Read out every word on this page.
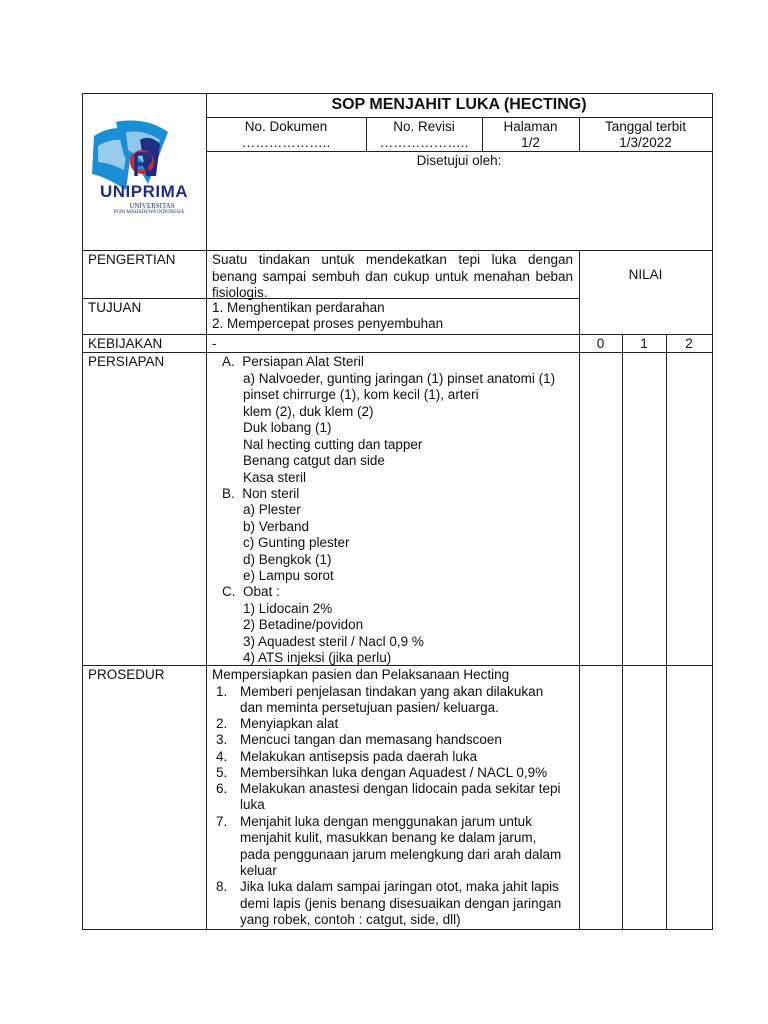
UNIPRIMA
UNIVERSITAS
PGRI MAHADEWA INDONESIA
SOP MENJAHIT LUKA (HECTING)
No. Dokumen
………………..
No. Revisi
………………..
Halaman
1/2
Tanggal terbit
1/3/2022
Disetujui oleh:
PENGERTIAN	Suatu tindakan untuk mendekatkan tepi luka dengan benang sampai sembuh dan cukup untuk menahan beban fisiologis.
NILAI
TUJUAN	1. Menghentikan perdarahan
2. Mempercepat proses penyembuhan
KEBIJAKAN	-	0	1	2
PERSIAPAN	A.  Persiapan Alat Steril
a) Nalvoeder, gunting jaringan (1) pinset anatomi (1)
pinset chirrurge (1), kom kecil (1), arteri
klem (2), duk klem (2)
Duk lobang (1)
Nal hecting cutting dan tapper
Benang catgut dan side
Kasa steril
B.  Non steril
a) Plester
b) Verband
c) Gunting plester
d) Bengkok (1)
e) Lampu sorot
C.  Obat :
1) Lidocain 2%
2) Betadine/povidon
3) Aquadest steril / Nacl 0,9 %
4) ATS injeksi (jika perlu)
PROSEDUR	Mempersiapkan pasien dan Pelaksanaan Hecting
1. Memberi penjelasan tindakan yang akan dilakukan
dan meminta persetujuan pasien/ keluarga.
2. Menyiapkan alat
3. Mencuci tangan dan memasang handscoen
4. Melakukan antisepsis pada daerah luka
5. Membersihkan luka dengan Aquadest / NACL 0,9%
6. Melakukan anastesi dengan lidocain pada sekitar tepi
luka
7. Menjahit luka dengan menggunakan jarum untuk
menjahit kulit, masukkan benang ke dalam jarum,
pada penggunaan jarum melengkung dari arah dalam
keluar
8. Jika luka dalam sampai jaringan otot, maka jahit lapis
demi lapis (jenis benang disesuaikan dengan jaringan
yang robek, contoh : catgut, side, dll)
